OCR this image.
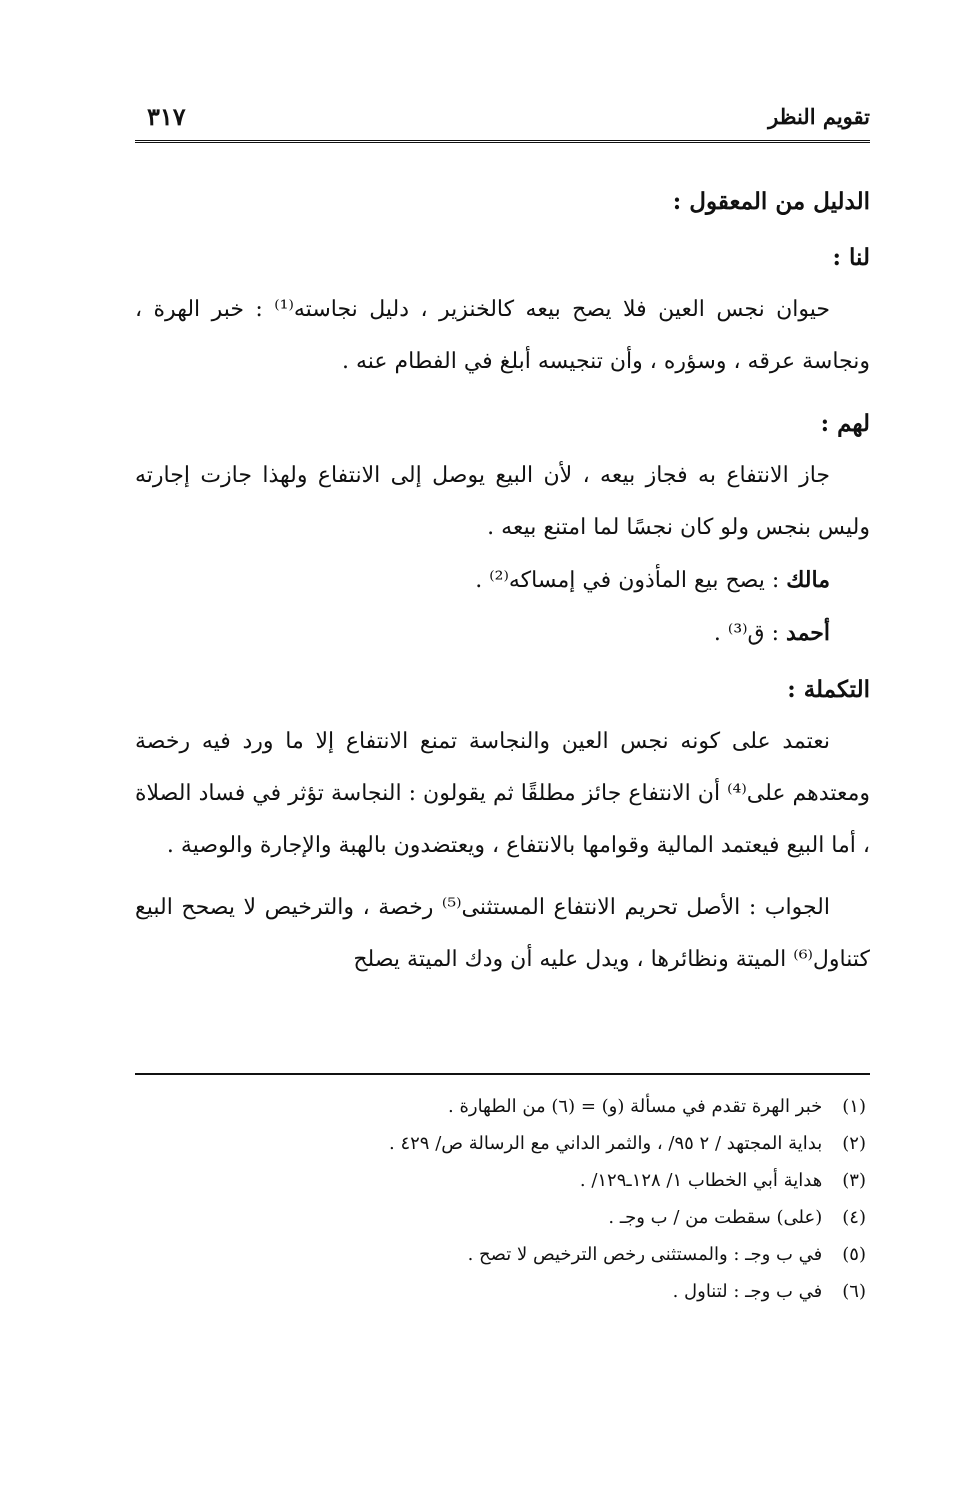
تقويم النظر
٣١٧

الدليل من المعقول :

لنا :

حيوان نجس العين فلا يصح بيعه كالخنزير ، دليل نجاسته⁽¹⁾ : خبر الهرة ، ونجاسة عرقه ، وسؤره ، وأن تنجيسه أبلغ في الفطام عنه .

لهم :

جاز الانتفاع به فجاز بيعه ، لأن البيع يوصل إلى الانتفاع ولهذا جازت إجارته وليس بنجس ولو كان نجسًا لما امتنع بيعه .

مالك : يصح بيع المأذون في إمساكه⁽²⁾ .

أحمد : ق⁽³⁾ .

التكملة :

نعتمد على كونه نجس العين والنجاسة تمنع الانتفاع إلا ما ورد فيه رخصة ومعتدهم على⁽⁴⁾ أن الانتفاع جائز مطلقًا ثم يقولون : النجاسة تؤثر في فساد الصلاة ، أما البيع فيعتمد المالية وقوامها بالانتفاع ، ويعتضدون بالهبة والإجارة والوصية .

الجواب : الأصل تحريم الانتفاع المستثنى⁽⁵⁾ رخصة ، والترخيص لا يصحح البيع كتناول⁽⁶⁾ الميتة ونظائرها ، ويدل عليه أن ودك الميتة يصلح

(١) خبر الهرة تقدم في مسألة (و) = (٦) من الطهارة .
(٢) بداية المجتهد / ٢ ٩٥/ ، والثمر الداني مع الرسالة ص/ ٤٢٩ .
(٣) هداية أبي الخطاب ١/ ١٢٨ـ١٢٩/ .
(٤) (على) سقطت من / ب وجـ .
(٥) في ب وجـ : والمستثنى رخص الترخيص لا تصح .
(٦) في ب وجـ : لتناول .
